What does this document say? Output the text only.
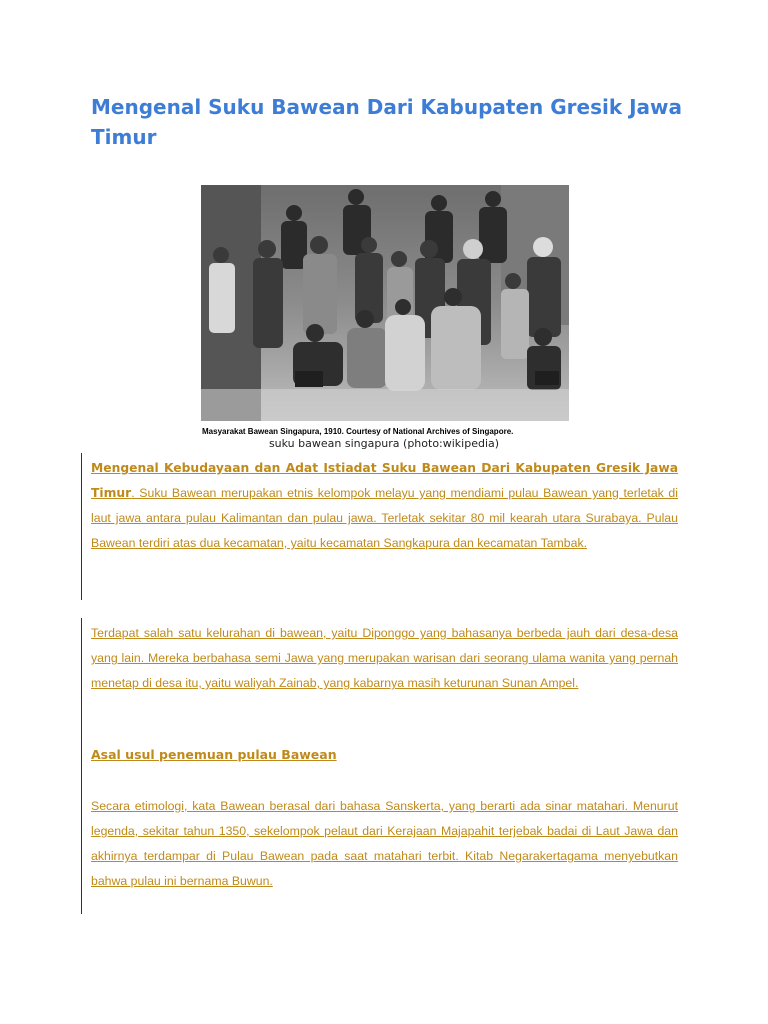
Mengenal Suku Bawean Dari Kabupaten Gresik Jawa Timur
Masyarakat Bawean Singapura, 1910. Courtesy of National Archives of Singapore.
suku bawean singapura (photo:wikipedia)

Mengenal Kebudayaan dan Adat Istiadat Suku Bawean Dari Kabupaten Gresik Jawa Timur. Suku Bawean merupakan etnis kelompok melayu yang mendiami pulau Bawean yang terletak di laut jawa antara pulau Kalimantan dan pulau jawa. Terletak sekitar 80 mil kearah utara Surabaya. Pulau Bawean terdiri atas dua kecamatan, yaitu kecamatan Sangkapura dan kecamatan Tambak.

Terdapat salah satu kelurahan di bawean, yaitu Diponggo yang bahasanya berbeda jauh dari desa-desa yang lain. Mereka berbahasa semi Jawa yang merupakan warisan dari seorang ulama wanita yang pernah menetap di desa itu, yaitu waliyah Zainab, yang kabarnya masih keturunan Sunan Ampel.

Asal usul penemuan pulau Bawean

Secara etimologi, kata Bawean berasal dari bahasa Sanskerta, yang berarti ada sinar matahari. Menurut legenda, sekitar tahun 1350, sekelompok pelaut dari Kerajaan Majapahit terjebak badai di Laut Jawa dan akhirnya terdampar di Pulau Bawean pada saat matahari terbit. Kitab Negarakertagama menyebutkan bahwa pulau ini bernama Buwun.
